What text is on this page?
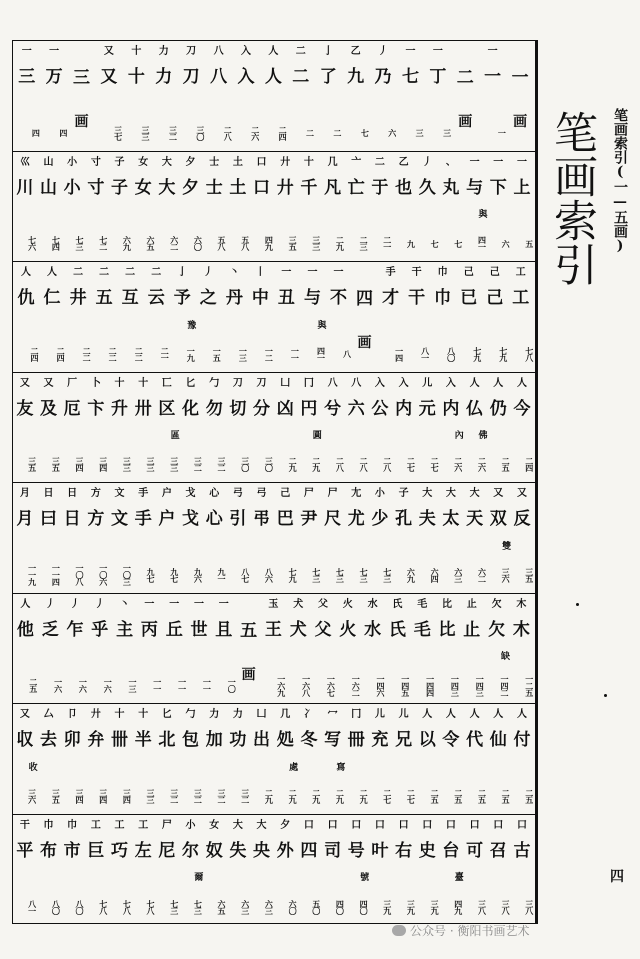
一
画
一
一
一
二
画
一
丁
三
一
七
三
丿
乃
六
乙
九
七
亅
了
二
二
二
二
人
人
二四
入
入
二六
八
八
二八
刀
刀
三〇
力
力
三二
十
十
三三
又
又
三七
三
画
一
万
四
一
三
四
一
上
五
一
下
六
一
与
與
四一
、
丸
七
丿
久
七
乙
也
九
二
于
二一
亠
亡
二三
几
凡
二九
十
千
三三
廾
廾
三五
口
口
四九
土
土
五八
士
士
五八
夕
夕
六〇
大
大
六二
女
女
六五
子
子
六九
寸
寸
七二
小
小
七三
山
山
七四
巛
川
七六
工
工
七八
己
己
七九
己
已
七九
巾
巾
八〇
干
干
八一
手
才
一四
四
画
一
不
八
一
与
與
四一
一
丑
一一
丨
中
一二
丶
丹
一三
丿
之
一五
亅
予
豫
一九
二
云
二一
二
互
二二
二
五
二二
二
井
二二
人
仁
二四
人
仇
二四
人
今
二四
人
仍
二五
人
仏
佛
二六
入
内
內
二六
儿
元
二七
入
内
二七
入
公
二八
八
六
二八
八
兮
二八
冂
円
圓
二九
凵
凶
二九
刀
分
三〇
刀
切
三〇
勹
勿
三二
匕
化
三二
匸
区
區
三三
十
卅
三三
十
升
三三
卜
卞
三四
厂
厄
三四
又
及
三五
又
友
三五
又
反
三五
又
双
雙
三六
大
天
六二
大
太
六三
大
夫
六四
子
孔
六九
小
少
七三
尢
尤
七三
尸
尺
七三
尸
尹
七三
己
巴
七九
弓
弔
八六
弓
引
八七
心
心
九一
戈
戈
九六
户
户
九七
手
手
九七
文
文
一〇三
方
方
一〇六
日
日
一〇八
日
曰
一一四
月
月
一一九
木
木
一二五
欠
欠
缺
一四二
止
止
一四三
比
比
一四三
毛
毛
一四四
氏
氏
一四五
水
水
一四六
火
火
一六二
父
父
一六七
犬
犬
一六八
玉
王
一六九
五
画
一
且
一〇
一
世
一一
一
丘
一一
一
丙
一一
丶
主
一三
丿
乎
一六
丿
乍
一六
丿
乏
一六
人
他
二五
人
付
二五
人
仙
二五
人
代
二五
人
令
二五
人
以
二五
儿
兄
二七
儿
充
二七
冂
冊
二九
冖
写
寫
二九
冫
冬
二九
几
処
處
二九
凵
出
二九
力
功
三二
力
加
三二
勹
包
三二
匕
北
三二
十
半
三三
十
卌
三四
廾
弁
三四
卩
卯
三四
厶
去
三五
又
収
收
三六
口
古
三八
口
召
三八
口
可
三八
口
台
臺
四九
口
史
三九
口
右
三九
口
叶
三九
口
号
號
四〇
口
司
四〇
口
四
五〇
夕
外
六〇
大
央
六三
大
失
六三
女
奴
六五
小
尔
爾
七三
尸
尼
七三
工
左
七八
工
巧
七八
工
巨
七八
巾
市
八〇
巾
布
八〇
干
平
八一
笔画索引	笔画索引(一—五画)
四
公众号 · 衡阳书画艺术
